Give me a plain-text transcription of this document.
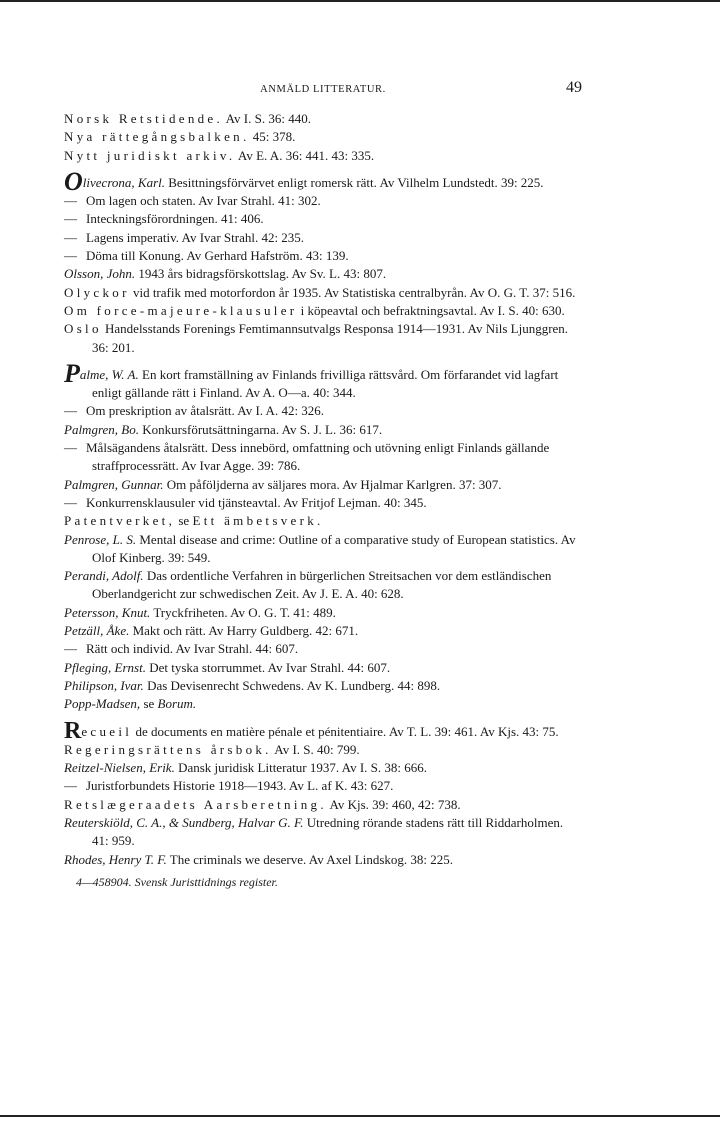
ANMÄLD LITTERATUR.	49
Norsk Retstidende. Av I. S. 36: 440.
Nya rättegångsbalken. 45: 378.
Nytt juridiskt arkiv. Av E. A. 36: 441. 43: 335.
Olivecrona, Karl. Besittningsförvärvet enligt romersk rätt. Av Vilhelm Lundstedt. 39: 225.
— Om lagen och staten. Av Ivar Strahl. 41: 302.
— Inteckningsförordningen. 41: 406.
— Lagens imperativ. Av Ivar Strahl. 42: 235.
— Döma till Konung. Av Gerhard Hafström. 43: 139.
Olsson, John. 1943 års bidragsförskottslag. Av Sv. L. 43: 807.
Olyckor vid trafik med motorfordon år 1935. Av Statistiska centralbyrån. Av O. G. T. 37: 516.
Om force-majeure-klausuler i köpeavtal och befraktningsavtal. Av I. S. 40: 630.
Oslo Handelsstands Forenings Femtimannsutvalgs Responsa 1914—1931. Av Nils Ljunggren. 36: 201.
Palme, W. A. En kort framställning av Finlands frivilliga rättsvård. Om förfarandet vid lagfart enligt gällande rätt i Finland. Av A. O—a. 40: 344.
— Om preskription av åtalsrätt. Av I. A. 42: 326.
Palmgren, Bo. Konkursförutsättningarna. Av S. J. L. 36: 617.
— Målsägandens åtalsrätt. Dess innebörd, omfattning och utövning enligt Finlands gällande straffprocessrätt. Av Ivar Agge. 39: 786.
Palmgren, Gunnar. Om påföljderna av säljares mora. Av Hjalmar Karlgren. 37: 307.
— Konkurrensklausuler vid tjänsteavtal. Av Fritjof Lejman. 40: 345.
Patentverket, se Ett ämbetsverk.
Penrose, L. S. Mental disease and crime: Outline of a comparative study of European statistics. Av Olof Kinberg. 39: 549.
Perandi, Adolf. Das ordentliche Verfahren in bürgerlichen Streitsachen vor dem estländischen Oberlandgericht zur schwedischen Zeit. Av J. E. A. 40: 628.
Petersson, Knut. Tryckfriheten. Av O. G. T. 41: 489.
Petzäll, Åke. Makt och rätt. Av Harry Guldberg. 42: 671.
— Rätt och individ. Av Ivar Strahl. 44: 607.
Pfleging, Ernst. Det tyska storrummet. Av Ivar Strahl. 44: 607.
Philipson, Ivar. Das Devisenrecht Schwedens. Av K. Lundberg. 44: 898.
Popp-Madsen, se Borum.
Recueil de documents en matière pénale et pénitentiaire. Av T. L. 39: 461. Av Kjs. 43: 75.
Regeringsrättens årsbok. Av I. S. 40: 799.
Reitzel-Nielsen, Erik. Dansk juridisk Litteratur 1937. Av I. S. 38: 666.
— Juristforbundets Historie 1918—1943. Av L. af K. 43: 627.
Retslægeraadets Aarsberetning. Av Kjs. 39: 460, 42: 738.
Reuterskiöld, C. A., & Sundberg, Halvar G. F. Utredning rörande stadens rätt till Riddarholmen. 41: 959.
Rhodes, Henry T. F. The criminals we deserve. Av Axel Lindskog. 38: 225.
4—458904. Svensk Juristtidnings register.
